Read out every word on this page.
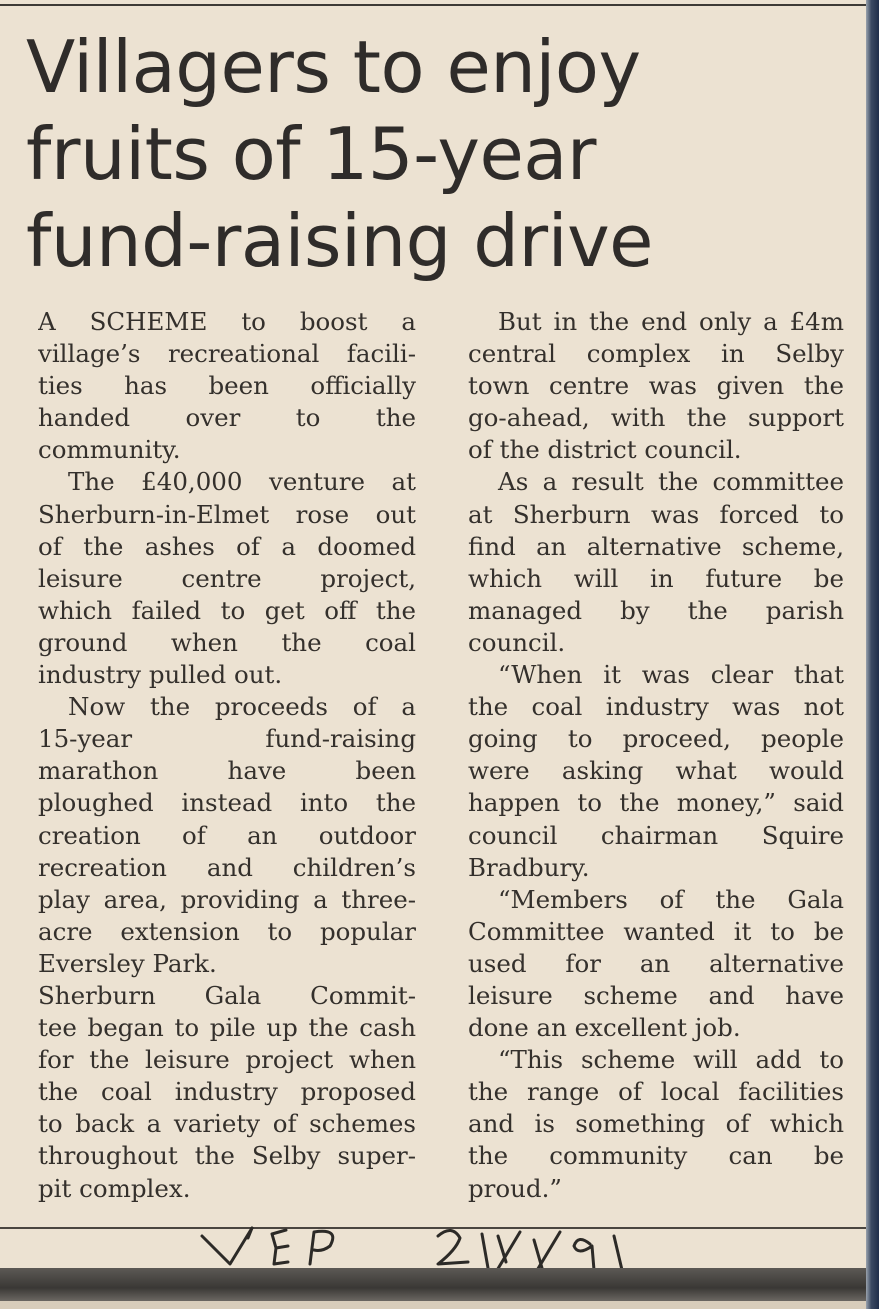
Villagers to enjoy
fruits of 15-year
fund-raising drive

A SCHEME to boost a
village’s recreational facili-
ties has been officially
handed over to the
community.

The £40,000 venture at
Sherburn-in-Elmet rose out
of the ashes of a doomed
leisure centre project,
which failed to get off the
ground when the coal
industry pulled out.

Now the proceeds of a
15-year fund-raising
marathon have been
ploughed instead into the
creation of an outdoor
recreation and children’s
play area, providing a three-
acre extension to popular
Eversley Park.

Sherburn Gala Commit-
tee began to pile up the cash
for the leisure project when
the coal industry proposed
to back a variety of schemes
throughout the Selby super-
pit complex.

But in the end only a £4m
central complex in Selby
town centre was given the
go-ahead, with the support
of the district council.

As a result the committee
at Sherburn was forced to
find an alternative scheme,
which will in future be
managed by the parish
council.

“When it was clear that
the coal industry was not
going to proceed, people
were asking what would
happen to the money,” said
council chairman Squire
Bradbury.

“Members of the Gala
Committee wanted it to be
used for an alternative
leisure scheme and have
done an excellent job.

“This scheme will add to
the range of local facilities
and is something of which
the community can be
proud.”
